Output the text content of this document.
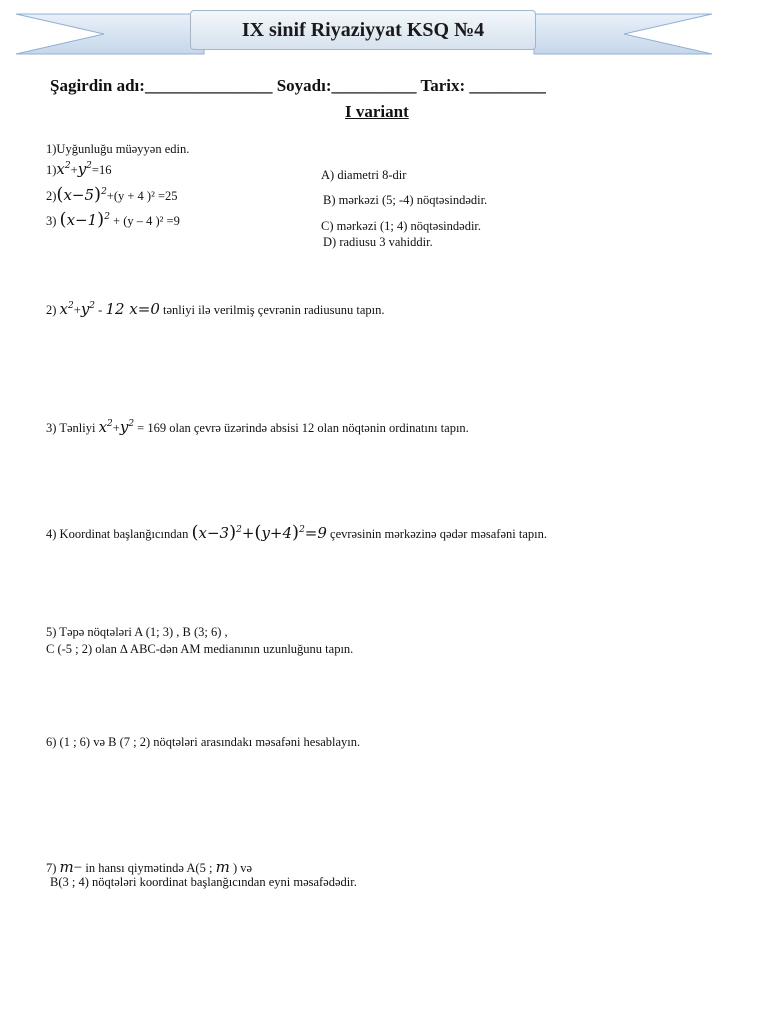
IX sinif Riyaziyyat KSQ №4
Şagirdin adı:_______________ Soyadı:__________ Tarix: _________
I variant
1)Uyğunluğu müəyyən edin.
$1)x^2+y^2=16$
$2)(x-5)^2+(y + 4$ )² =25
3) $(x-1)^2 + (y - 4$ )² =9
A) diametri 8-dir
B) mərkəzi (5; -4) nöqtəsindədir.
C) mərkəzi (1; 4) nöqtəsindədir.
D) radiusu 3 vahiddir.
2) $x^2+y^2 - 12$ x=0 tənliyi ilə verilmiş çevrənin radiusunu tapın.
3) Tənliyi $x^2+y^2 = 169$ olan çevrə üzərində absisi 12 olan nöqtənin ordinatını tapın.
4) Koordinat başlanğıcından $(x-3)^2+(y+4)^2=9$ çevrəsinin mərkəzinə qədər məsafəni tapın.
5) Təpə nöqtələri A (1; 3) , B (3; 6) ,
C (-5 ; 2) olan ∆ ABC-dən AM medianının uzunluğunu tapın.
6) (1 ; 6) və B (7 ; 2) nöqtələri arasındakı məsafəni hesablayın.
7) m− in hansı qiymətində A(5 ; m ) və
B(3 ; 4) nöqtələri koordinat başlanğıcından eyni məsafədədir.
